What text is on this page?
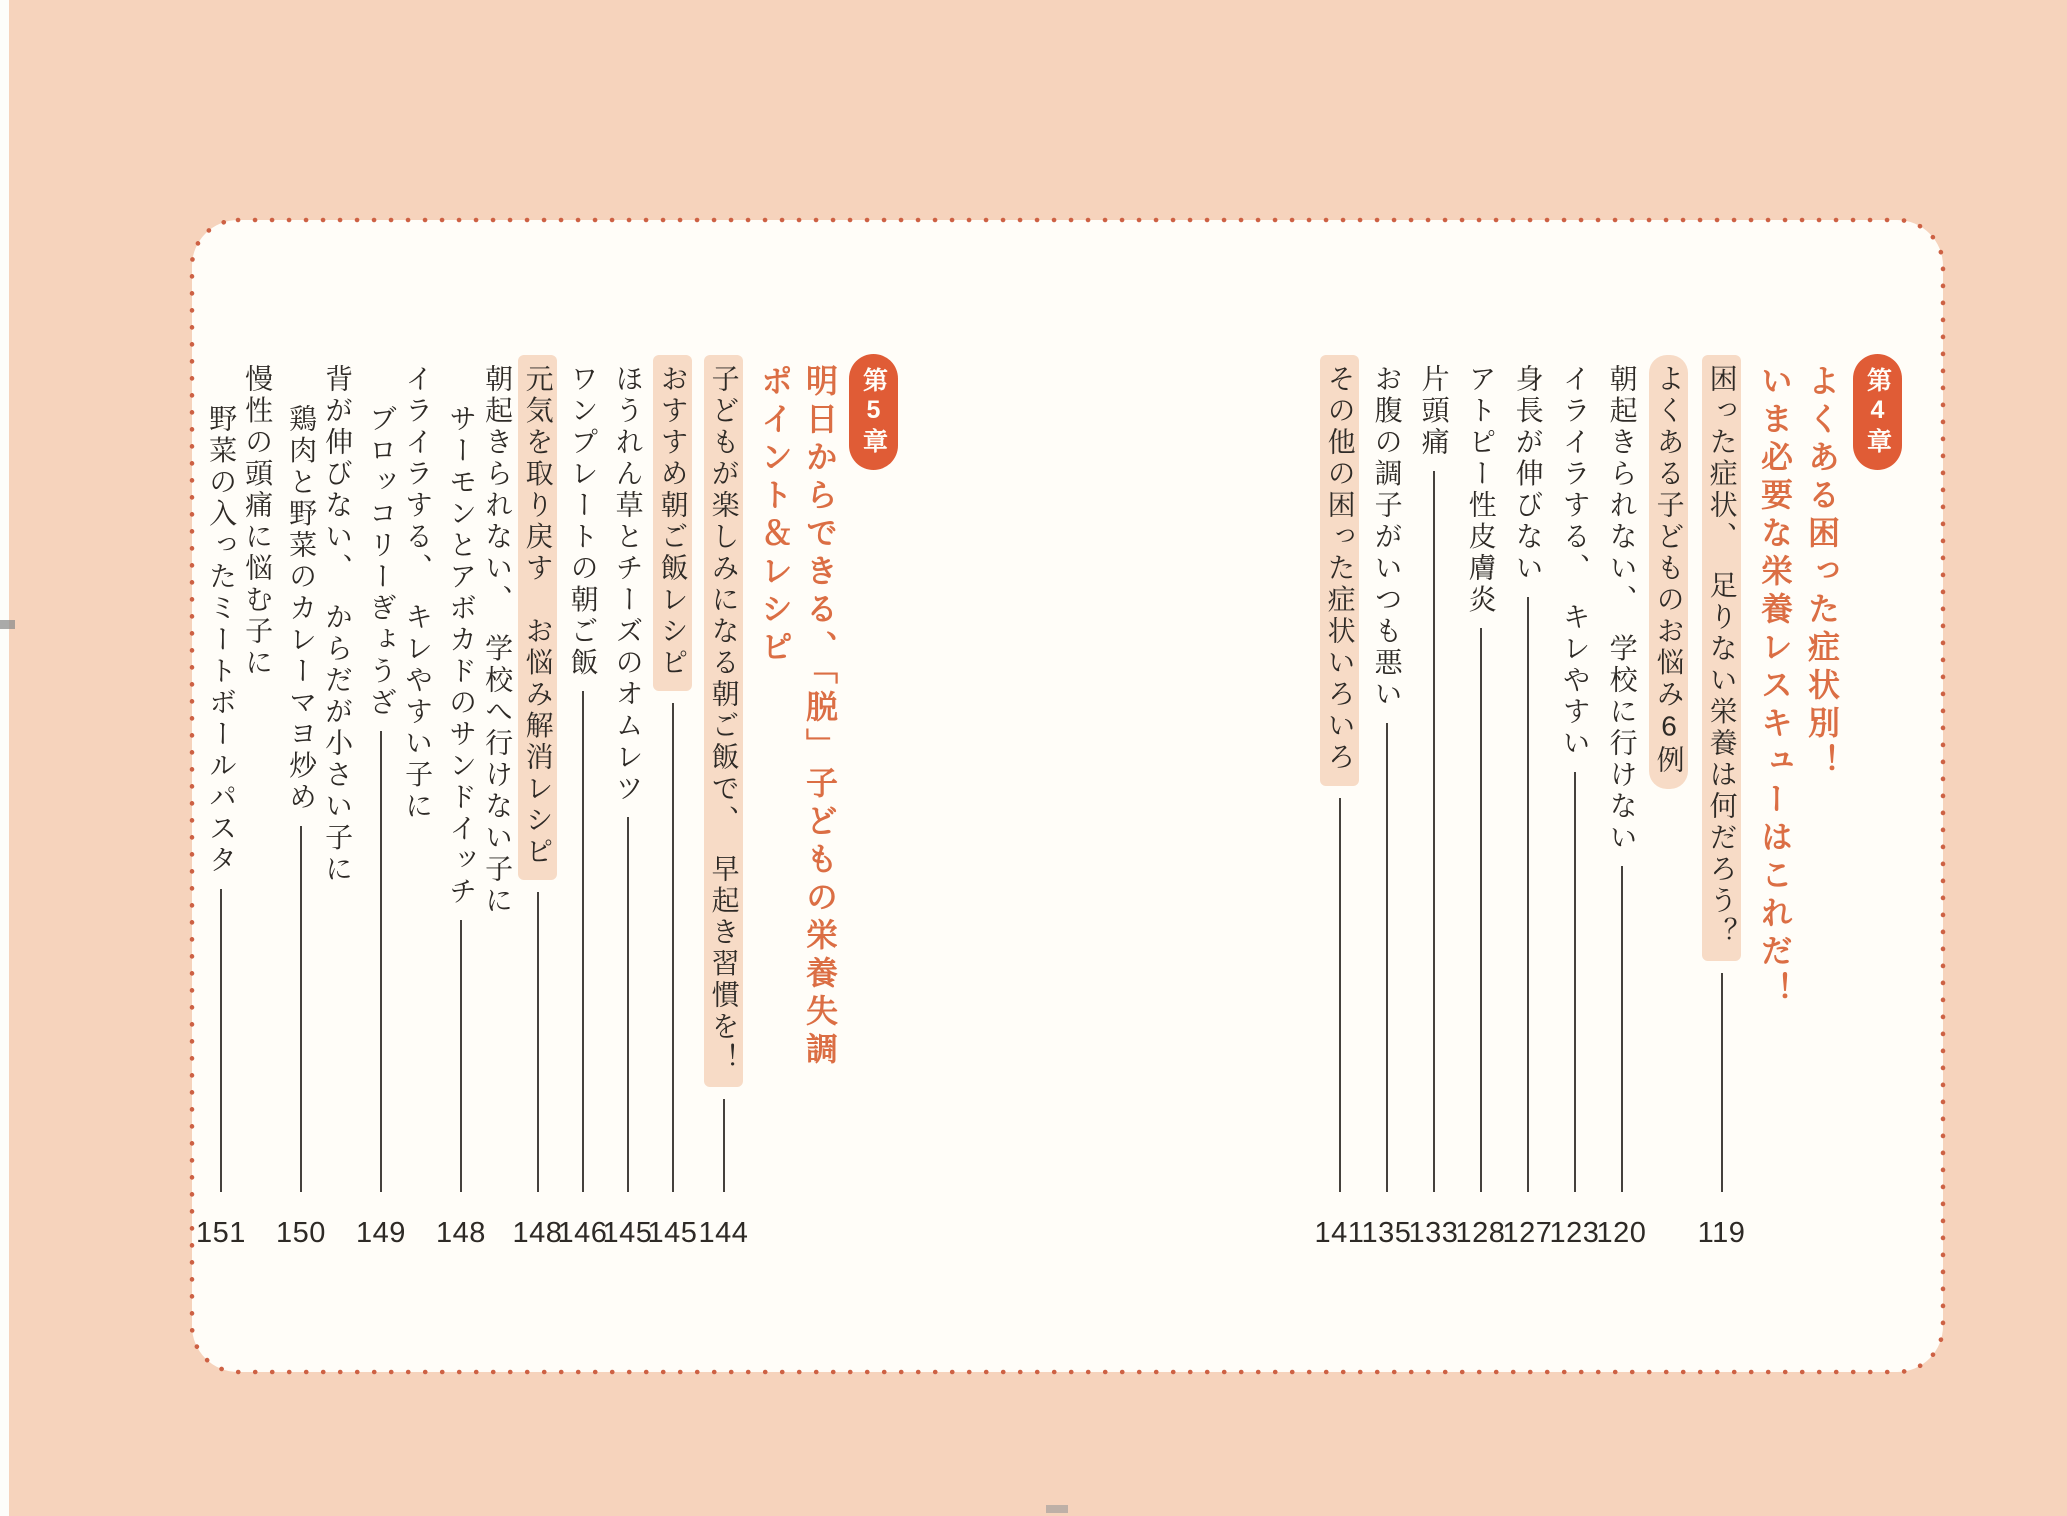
第4章
よくある困った症状別！
いま必要な栄養レスキューはこれだ！
困った症状、　足りない栄養は何だろう？
119
よくある子どものお悩み6例
朝起きられない、　学校に行けない
120
イライラする、　キレやすい
123
身長が伸びない
127
アトピー性皮膚炎
128
片頭痛
133
お腹の調子がいつも悪い
135
その他の困った症状いろいろ
141
第5章
明日からできる、「脱」子どもの栄養失調
ポイント＆レシピ
子どもが楽しみになる朝ご飯で、　早起き習慣を！
144
おすすめ朝ご飯レシピ
145
ほうれん草とチーズのオムレツ
145
ワンプレートの朝ご飯
146
元気を取り戻す　お悩み解消レシピ
148
朝起きられない、　学校へ行けない子に
サーモンとアボカドのサンドイッチ
148
イライラする、　キレやすい子に
ブロッコリーぎょうざ
149
背が伸びない、　からだが小さい子に
鶏肉と野菜のカレーマヨ炒め
150
慢性の頭痛に悩む子に
野菜の入ったミートボールパスタ
151
